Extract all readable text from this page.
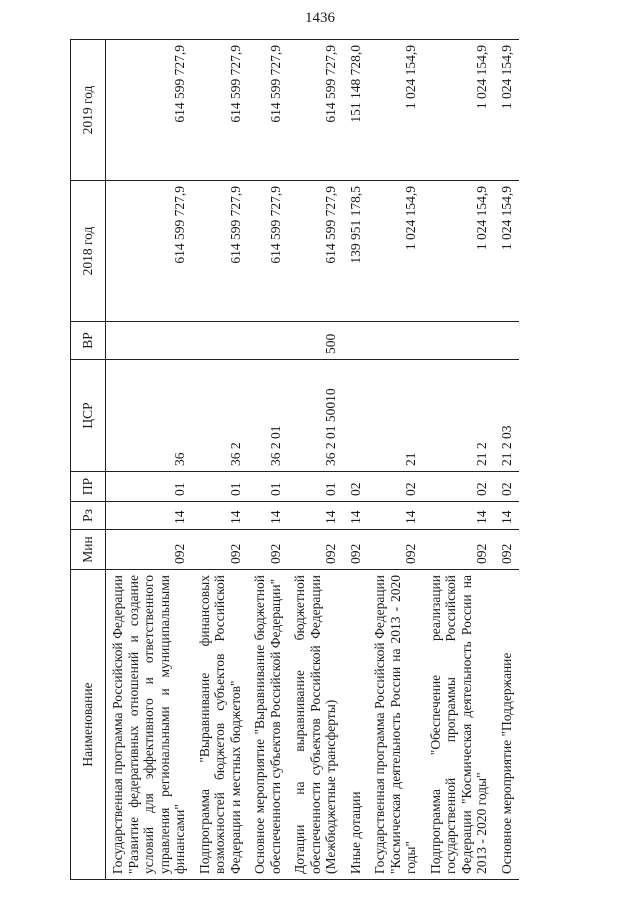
1436
Наименование	Мин	Рз	ПР	ЦСР	ВР	2018 год	2019 год
Государственная программа Российской Федерации "Развитие федеративных отношений и создание условий для эффективного и ответственного управления региональными и муниципальными финансами"	092	14	01	36		614 599 727,9	614 599 727,9
Подпрограмма "Выравнивание финансовых возможностей бюджетов субъектов Российской Федерации и местных бюджетов"	092	14	01	36 2		614 599 727,9	614 599 727,9
Основное мероприятие "Выравнивание бюджетной обеспеченности субъектов Российской Федерации"	092	14	01	36 2 01		614 599 727,9	614 599 727,9
Дотации на выравнивание бюджетной обеспеченности субъектов Российской Федерации (Межбюджетные трансферты)	092	14	01	36 2 01 50010	500	614 599 727,9	614 599 727,9
Иные дотации	092	14	02			139 951 178,5	151 148 728,0
Государственная программа Российской Федерации "Космическая деятельность России на 2013 - 2020 годы"	092	14	02	21		1 024 154,9	1 024 154,9
Подпрограмма "Обеспечение реализации государственной программы Российской Федерации "Космическая деятельность России на 2013 - 2020 годы"	092	14	02	21 2		1 024 154,9	1 024 154,9
Основное мероприятие "Поддержание	092	14	02	21 2 03		1 024 154,9	1 024 154,9
